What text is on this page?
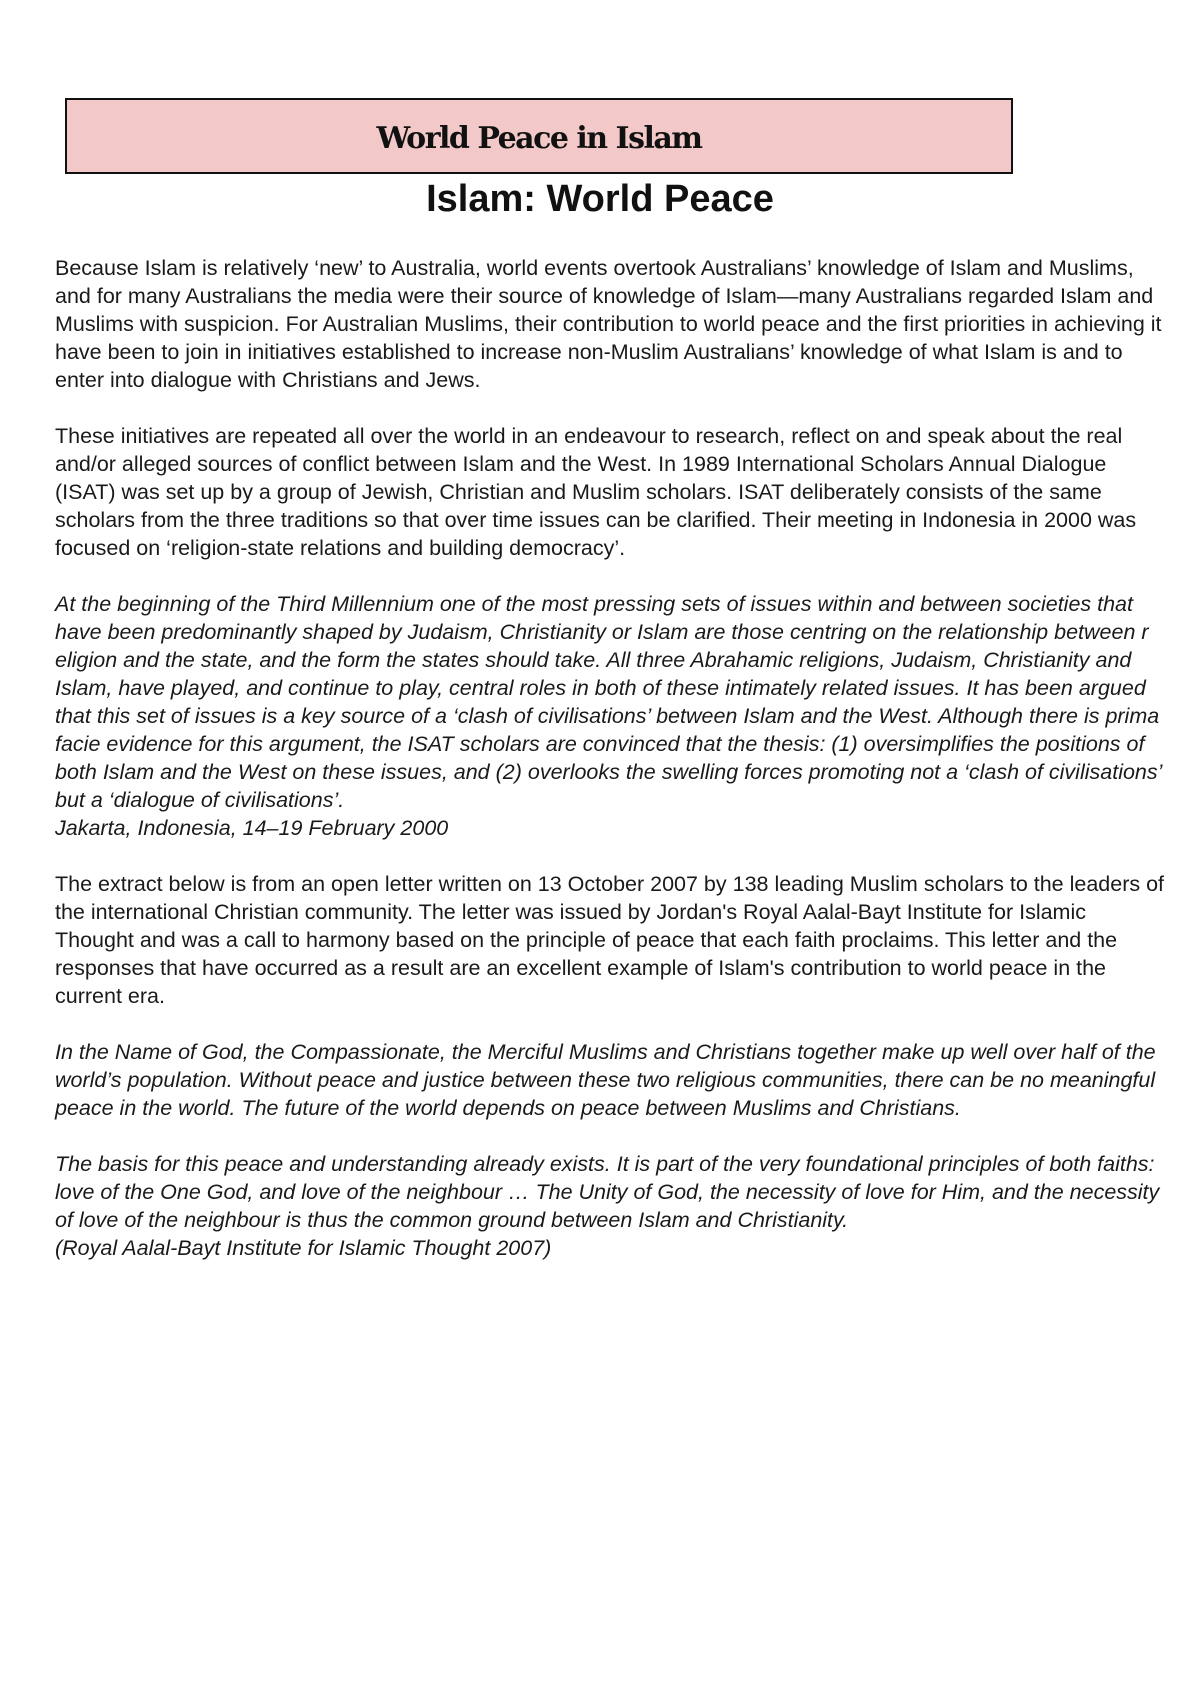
World Peace in Islam
Islam: World Peace

Because Islam is relatively ‘new’ to Australia, world events overtook Australians’ knowledge of Islam and Muslims, and for many Australians the media were their source of knowledge of Islam—many Australians regarded Islam and Muslims with suspicion. For Australian Muslims, their contribution to world peace and the first priorities in achieving it have been to join in initiatives established to increase non-Muslim Australians’ knowledge of what Islam is and to enter into dialogue with Christians and Jews.

These initiatives are repeated all over the world in an endeavour to research, reflect on and speak about the real and/or alleged sources of conflict between Islam and the West. In 1989 International Scholars Annual Dialogue (ISAT) was set up by a group of Jewish, Christian and Muslim scholars. ISAT deliberately consists of the same scholars from the three traditions so that over time issues can be clarified. Their meeting in Indonesia in 2000 was focused on ‘religion-state relations and building democracy’.

At the beginning of the Third Millennium one of the most pressing sets of issues within and between societies that have been predominantly shaped by Judaism, Christianity or Islam are those centring on the relationship between r
eligion and the state, and the form the states should take. All three Abrahamic religions, Judaism, Christianity and Islam, have played, and continue to play, central roles in both of these intimately related issues. It has been argued that this set of issues is a key source of a ‘clash of civilisations’ between Islam and the West. Although there is prima facie evidence for this argument, the ISAT scholars are convinced that the thesis: (1) oversimplifies the positions of both Islam and the West on these issues, and (2) overlooks the swelling forces promoting not a ‘clash of civilisations’ but a ‘dialogue of civilisations’.
Jakarta, Indonesia, 14–19 February 2000

The extract below is from an open letter written on 13 October 2007 by 138 leading Muslim scholars to the leaders of the international Christian community. The letter was issued by Jordan's Royal Aalal-Bayt Institute for Islamic Thought and was a call to harmony based on the principle of peace that each faith proclaims. This letter and the responses that have occurred as a result are an excellent example of Islam's contribution to world peace in the current era.

In the Name of God, the Compassionate, the Merciful Muslims and Christians together make up well over half of the world’s population. Without peace and justice between these two religious communities, there can be no meaningful peace in the world. The future of the world depends on peace between Muslims and Christians.

The basis for this peace and understanding already exists. It is part of the very foundational principles of both faiths: love of the One God, and love of the neighbour … The Unity of God, the necessity of love for Him, and the necessity of love of the neighbour is thus the common ground between Islam and Christianity.
(Royal Aalal-Bayt Institute for Islamic Thought 2007)
